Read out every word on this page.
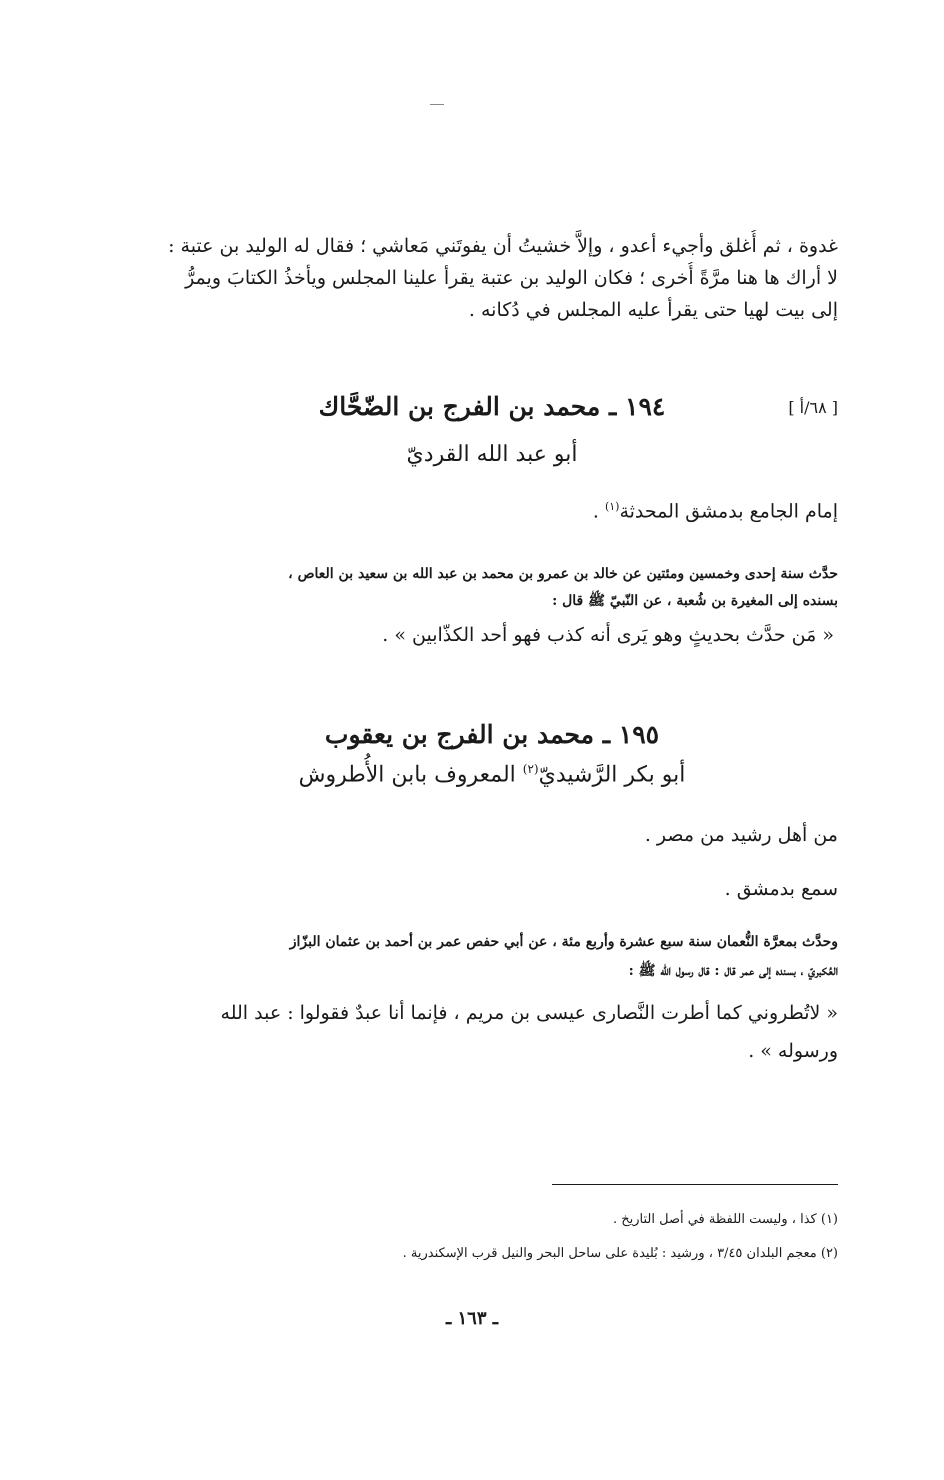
غدوة ، ثم أُغلق وأجيء أعدو ، وإلاَّ خشيتُ أن يفوتَني مَعاشي ؛ فقال له الوليد بن عتبة :
لا أراك ها هنا مرَّةً أُخرى ؛ فكان الوليد بن عتبة يقرأ علينا المجلس ويأخذُ الكتابَ ويمرُّ
إلى بيت لهيا حتى يقرأ عليه المجلس في دُكانه .
[ ٦٨/أ ]
١٩٤ ـ محمد بن الفرج بن الضّحَّاك
أبو عبد الله القرديّ
إمام الجامع بدمشق المحدثة$^{(١)}$ .
حدَّث سنة إحدى وخمسين ومئتين عن خالد بن عمرو بن محمد بن عبد الله بن سعيد بن العاص ،
بسنده إلى المغيرة بن شُعبة ، عن النّبيّ ﷺ قال :
« مَن حدَّث بحديثٍ وهو يَرى أنه كذب فهو أحد الكذّابين » .
١٩٥ ـ محمد بن الفرج بن يعقوب
أبو بكر الرَّشيديّ$^{(٢)}$ المعروف بابن الأُطروش
من أهل رشيد من مصر .
سمع بدمشق .
وحدَّث بمعرَّة النُّعمان سنة سبع عشرة وأربع مئة ، عن أبي حفص عمر بن أحمد بن عثمان البزّاز
العُكبريّ ، بسنده إلى عمر قال : قال رسول الله ﷺ :
« لاتُطروني كما أطرت النَّصارى عيسى بن مريم ، فإنما أنا عبدٌ فقولوا : عبد الله
ورسوله » .
(١) كذا ، وليست اللفظة في أصل التاريخ .
(٢) معجم البلدان ٣/٤٥ ، ورشيد : بُليدة على ساحل البحر والنيل قرب الإسكندرية .
ـ ١٦٣ ـ
